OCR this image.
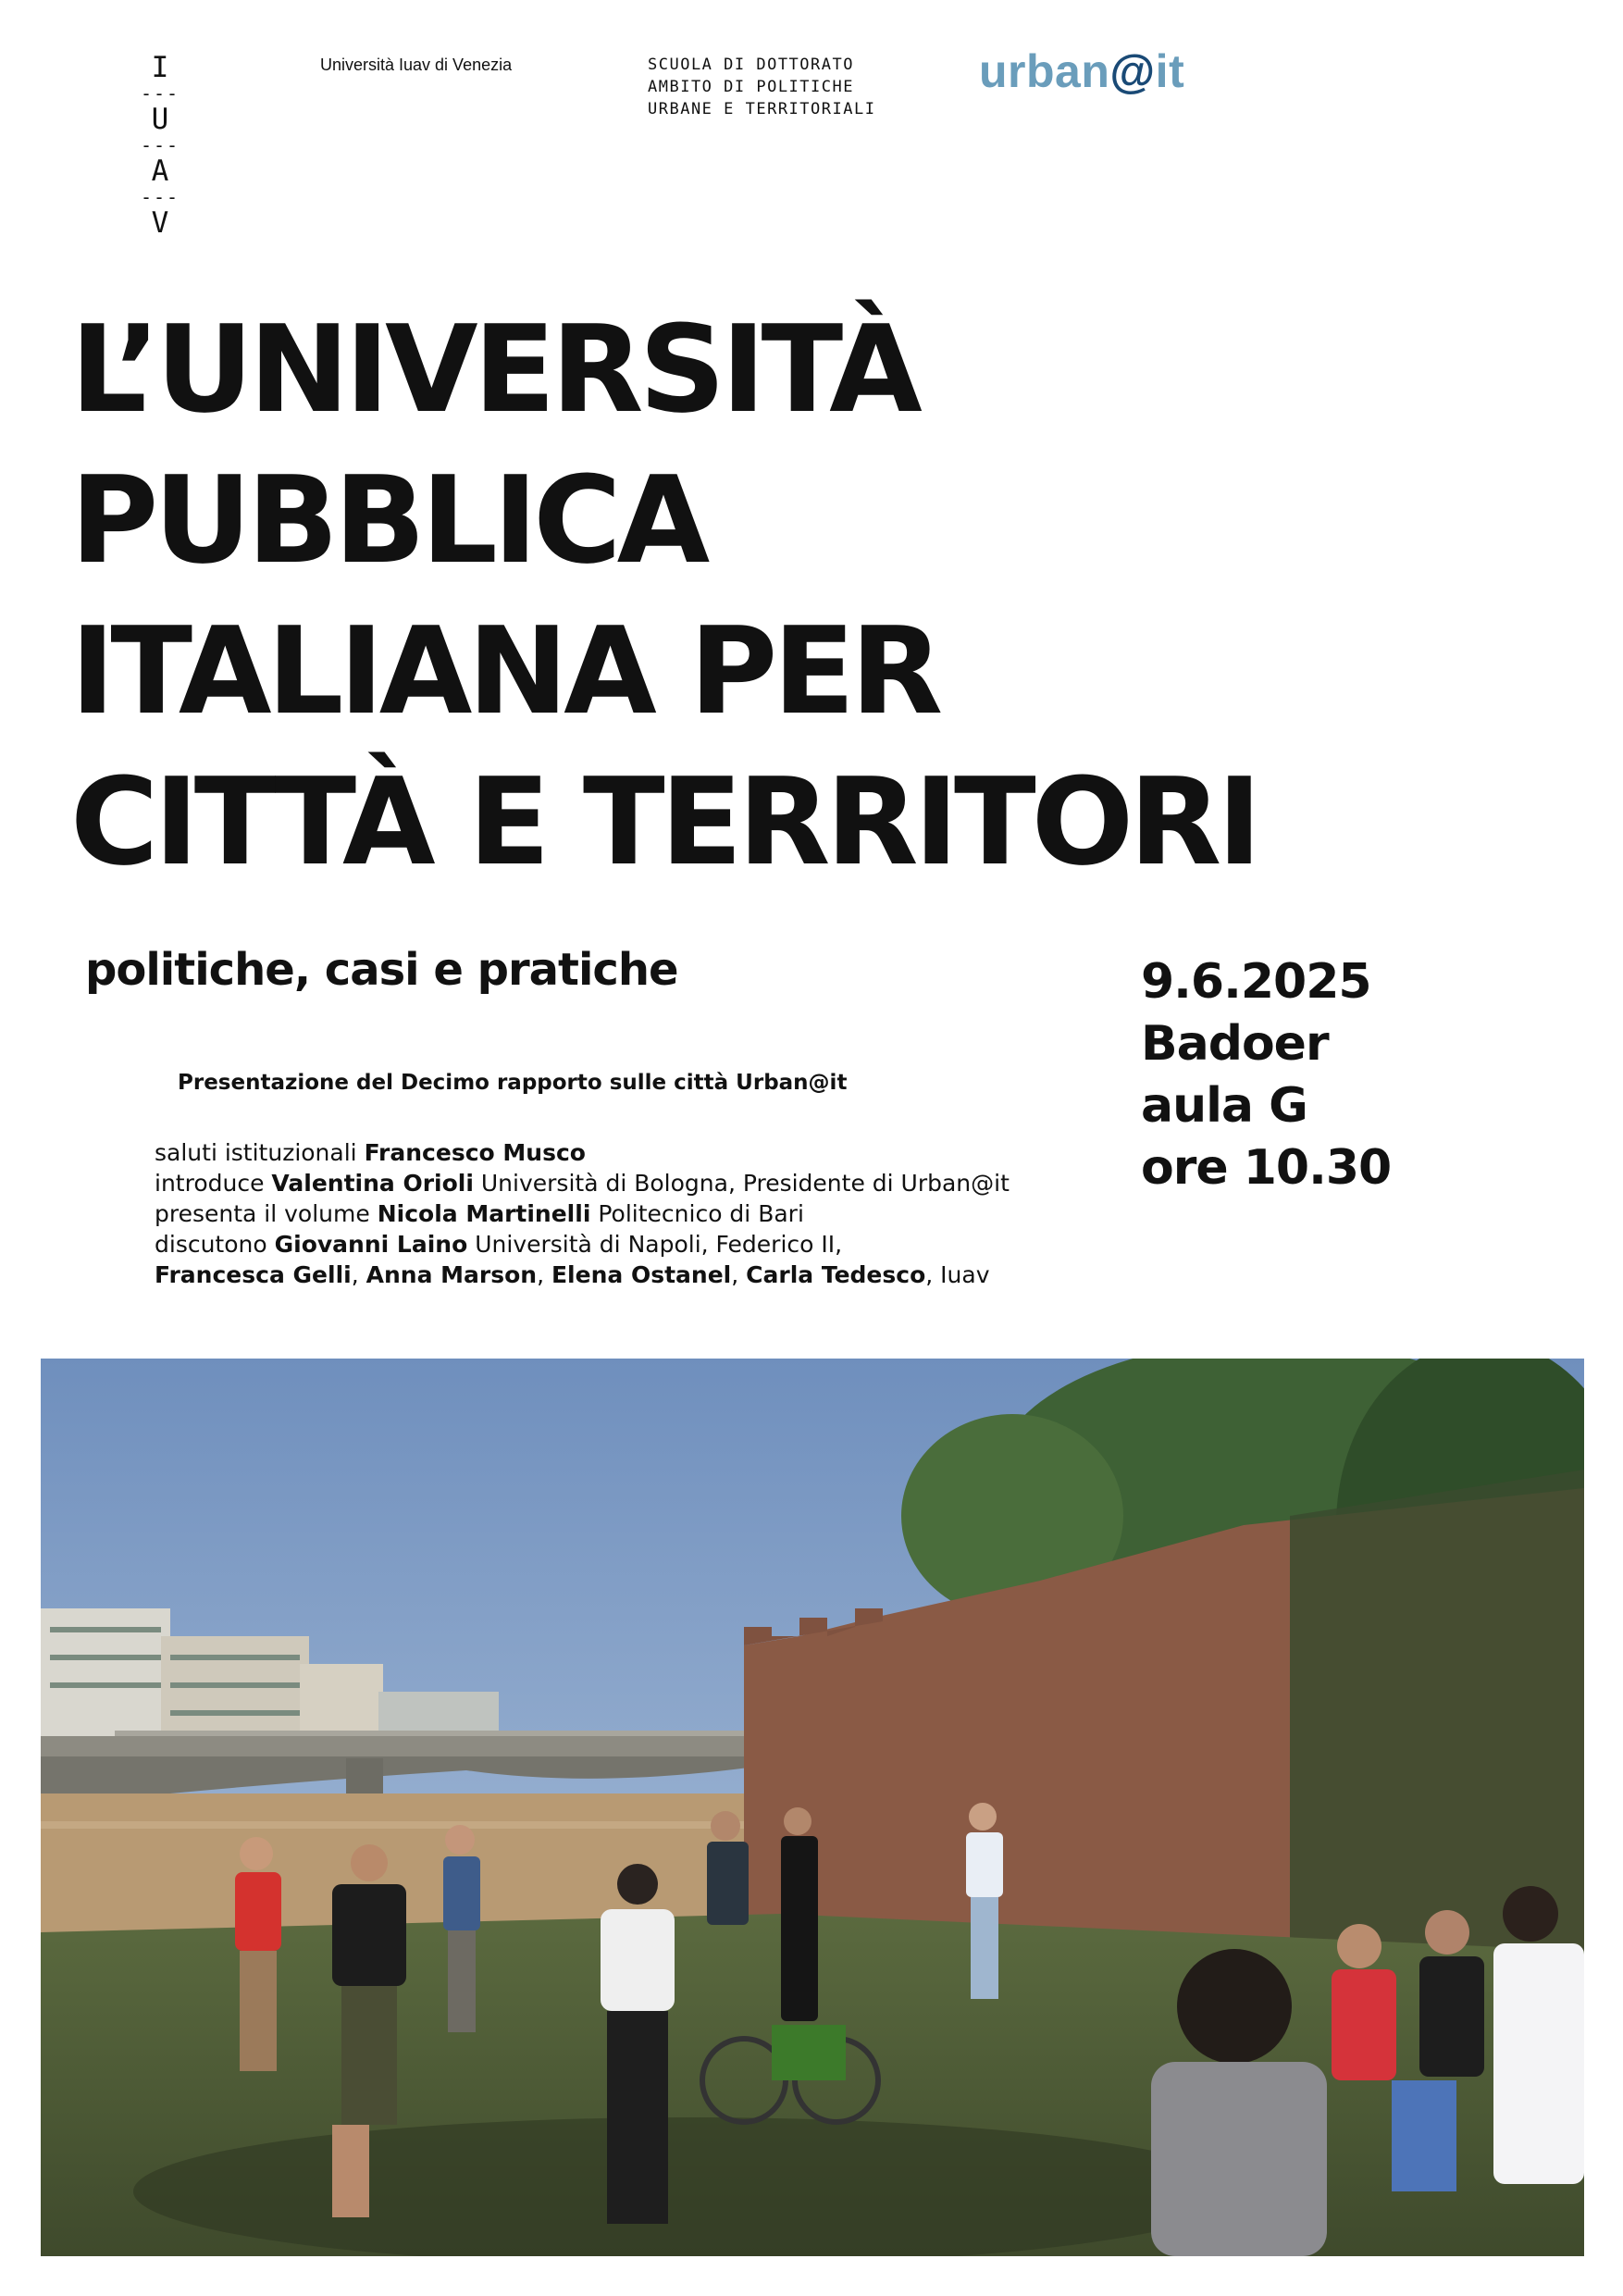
I
---
U
---
A
---
V
Università Iuav di Venezia	SCUOLA DI DOTTORATO
AMBITO DI POLITICHE
URBANE E TERRITORIALI
urban@it
L’UNIVERSITÀ
PUBBLICA
ITALIANA PER
CITTÀ E TERRITORI
politiche, casi e pratiche	9.6.2025
Badoer
aula G
ore 10.30
Presentazione del Decimo rapporto sulle città Urban@it
saluti istituzionali Francesco Musco
introduce Valentina Orioli Università di Bologna, Presidente di Urban@it
presenta il volume Nicola Martinelli Politecnico di Bari
discutono Giovanni Laino Università di Napoli, Federico II,
Francesca Gelli, Anna Marson, Elena Ostanel, Carla Tedesco, Iuav
